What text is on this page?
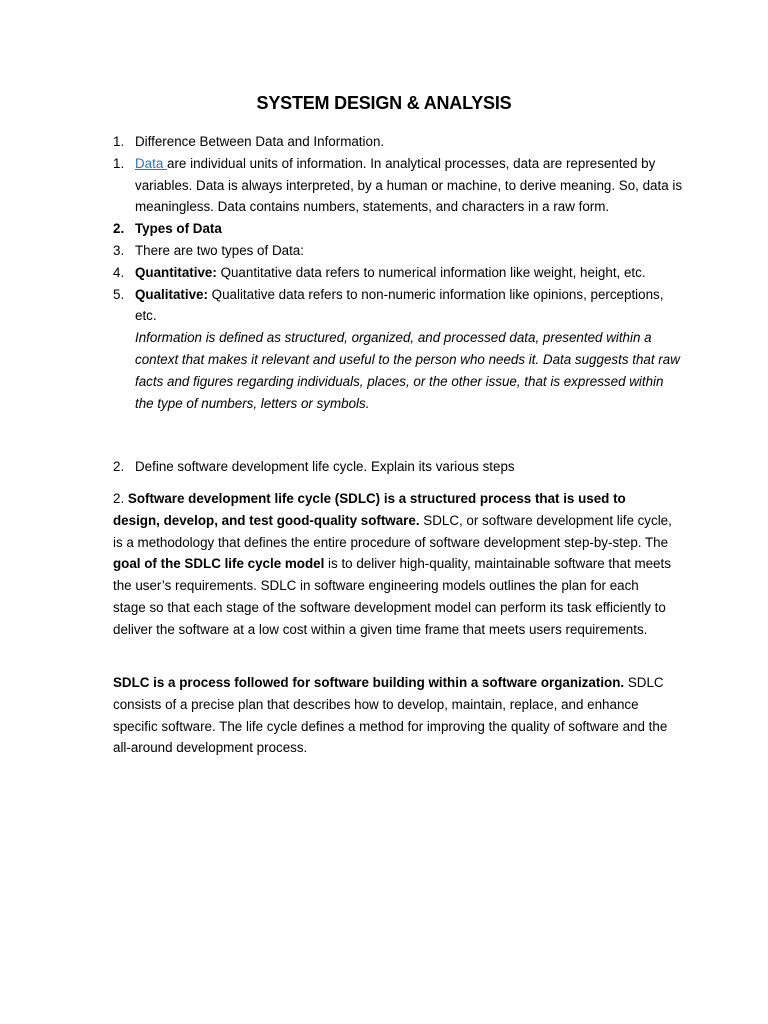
SYSTEM DESIGN & ANALYSIS
1. Difference Between Data and Information.
1. Data are individual units of information. In analytical processes, data are represented by variables. Data is always interpreted, by a human or machine, to derive meaning. So, data is meaningless. Data contains numbers, statements, and characters in a raw form.
2. Types of Data
3. There are two types of Data:
4. Quantitative: Quantitative data refers to numerical information like weight, height, etc.
5. Qualitative: Qualitative data refers to non-numeric information like opinions, perceptions, etc.
Information is defined as structured, organized, and processed data, presented within a context that makes it relevant and useful to the person who needs it. Data suggests that raw facts and figures regarding individuals, places, or the other issue, that is expressed within the type of numbers, letters or symbols.
2. Define software development life cycle. Explain its various steps
2. Software development life cycle (SDLC) is a structured process that is used to design, develop, and test good-quality software. SDLC, or software development life cycle, is a methodology that defines the entire procedure of software development step-by-step. The goal of the SDLC life cycle model is to deliver high-quality, maintainable software that meets the user’s requirements. SDLC in software engineering models outlines the plan for each stage so that each stage of the software development model can perform its task efficiently to deliver the software at a low cost within a given time frame that meets users requirements.
SDLC is a process followed for software building within a software organization. SDLC consists of a precise plan that describes how to develop, maintain, replace, and enhance specific software. The life cycle defines a method for improving the quality of software and the all-around development process.
